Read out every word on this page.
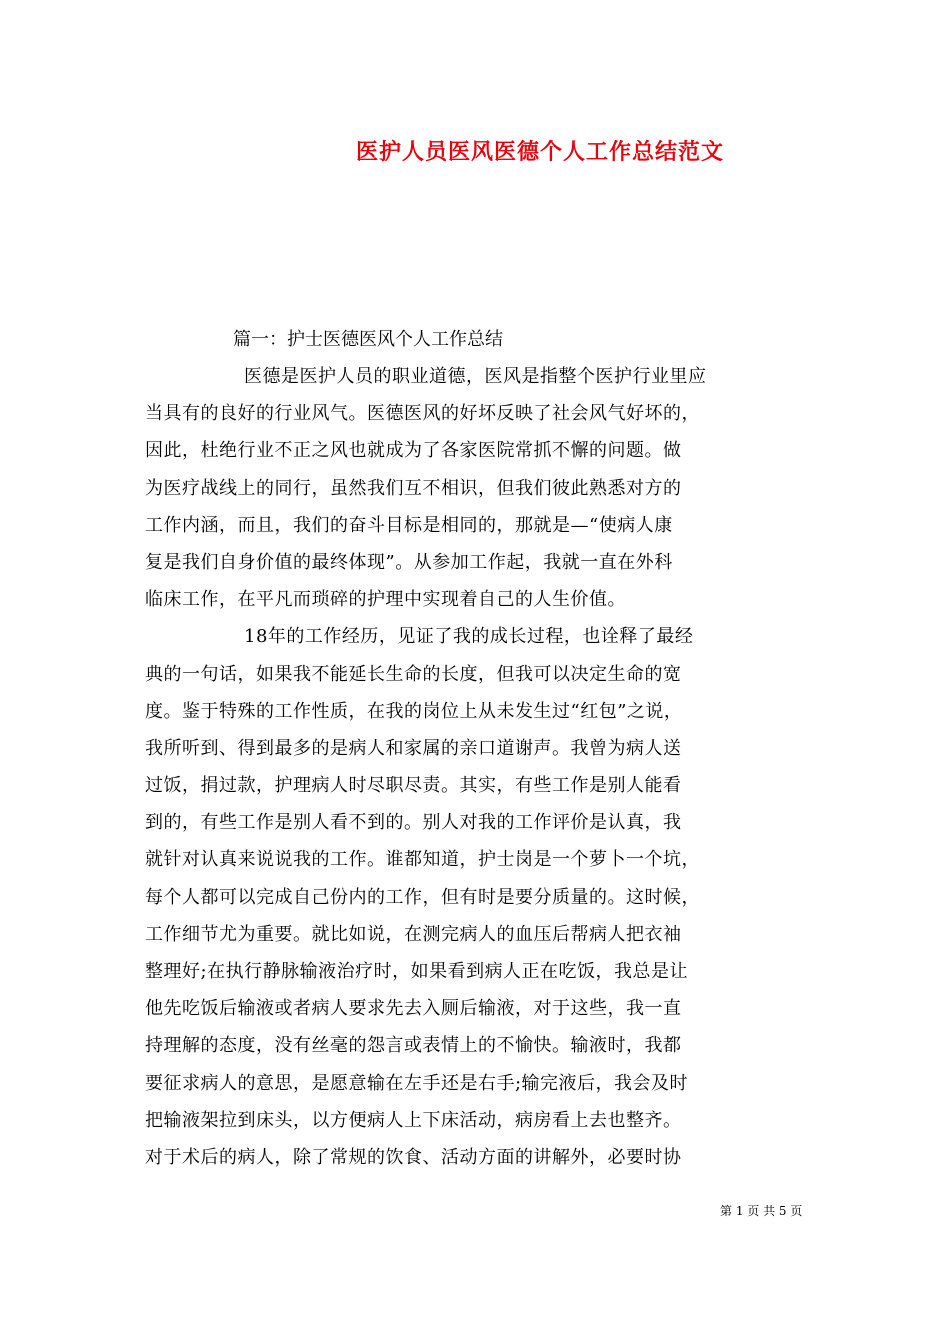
医护人员医风医德个人工作总结范文

篇一：护士医德医风个人工作总结

医德是医护人员的职业道德，医风是指整个医护行业里应
当具有的良好的行业风气。医德医风的好坏反映了社会风气好坏的，
因此，杜绝行业不正之风也就成为了各家医院常抓不懈的问题。做
为医疗战线上的同行，虽然我们互不相识，但我们彼此熟悉对方的
工作内涵，而且，我们的奋斗目标是相同的，那就是—“使病人康
复是我们自身价值的最终体现”。从参加工作起，我就一直在外科
临床工作，在平凡而琐碎的护理中实现着自己的人生价值。
18年的工作经历，见证了我的成长过程，也诠释了最经
典的一句话，如果我不能延长生命的长度，但我可以决定生命的宽
度。鉴于特殊的工作性质，在我的岗位上从未发生过“红包”之说，
我所听到、得到最多的是病人和家属的亲口道谢声。我曾为病人送
过饭，捐过款，护理病人时尽职尽责。其实，有些工作是别人能看
到的，有些工作是别人看不到的。别人对我的工作评价是认真，我
就针对认真来说说我的工作。谁都知道，护士岗是一个萝卜一个坑，
每个人都可以完成自己份内的工作，但有时是要分质量的。这时候，
工作细节尤为重要。就比如说，在测完病人的血压后帮病人把衣袖
整理好;在执行静脉输液治疗时，如果看到病人正在吃饭，我总是让
他先吃饭后输液或者病人要求先去入厕后输液，对于这些，我一直
持理解的态度，没有丝毫的怨言或表情上的不愉快。输液时，我都
要征求病人的意思，是愿意输在左手还是右手;输完液后，我会及时
把输液架拉到床头，以方便病人上下床活动，病房看上去也整齐。
对于术后的病人，除了常规的饮食、活动方面的讲解外，必要时协
第 1 页 共 5 页
